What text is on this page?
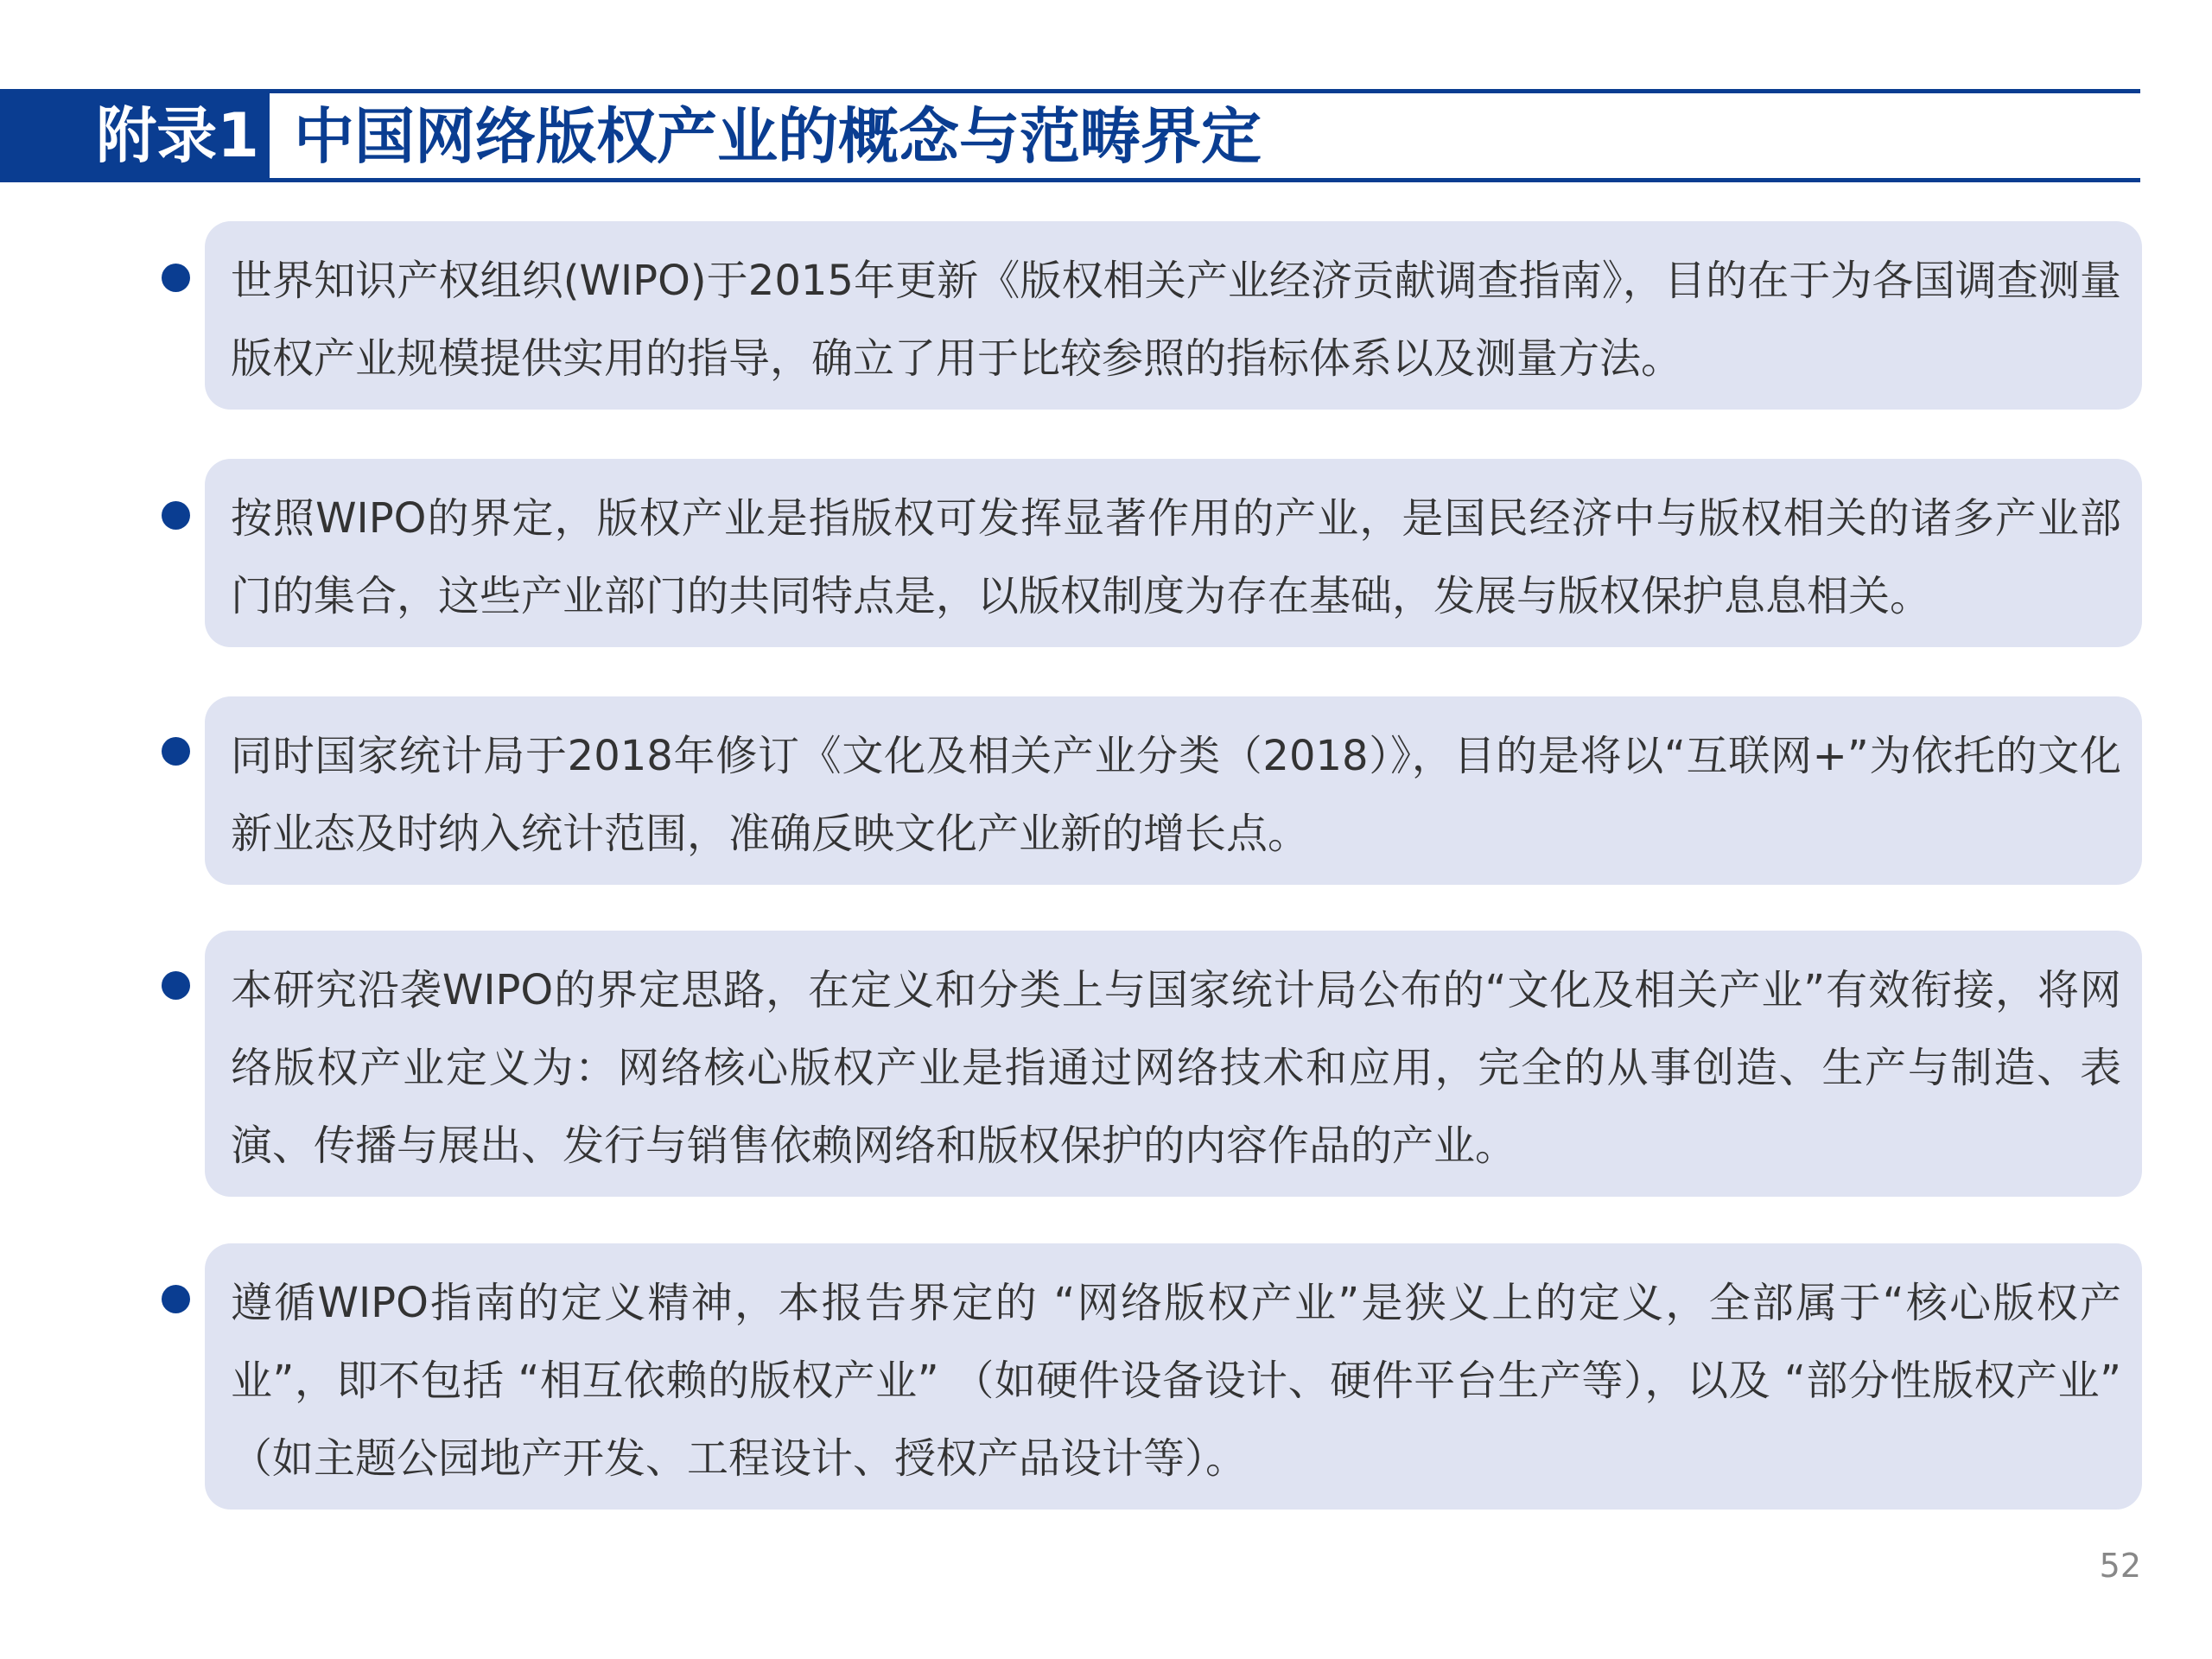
附录1 中国网络版权产业的概念与范畴界定

世界知识产权组织(WIPO)于2015年更新《版权相关产业经济贡献调查指南》，目的在于为各国调查测量版权产业规模提供实用的指导，确立了用于比较参照的指标体系以及测量方法。

按照WIPO的界定，版权产业是指版权可发挥显著作用的产业，是国民经济中与版权相关的诸多产业部门的集合，这些产业部门的共同特点是，以版权制度为存在基础，发展与版权保护息息相关。

同时国家统计局于2018年修订《文化及相关产业分类（2018）》，目的是将以“互联网+”为依托的文化新业态及时纳入统计范围，准确反映文化产业新的增长点。

本研究沿袭WIPO的界定思路，在定义和分类上与国家统计局公布的“文化及相关产业”有效衔接，将网络版权产业定义为：网络核心版权产业是指通过网络技术和应用，完全的从事创造、生产与制造、表演、传播与展出、发行与销售依赖网络和版权保护的内容作品的产业。

遵循WIPO指南的定义精神，本报告界定的 “网络版权产业”是狭义上的定义，全部属于“核心版权产业”，即不包括 “相互依赖的版权产业” （如硬件设备设计、硬件平台生产等），以及 “部分性版权产业” （如主题公园地产开发、工程设计、授权产品设计等）。

52
